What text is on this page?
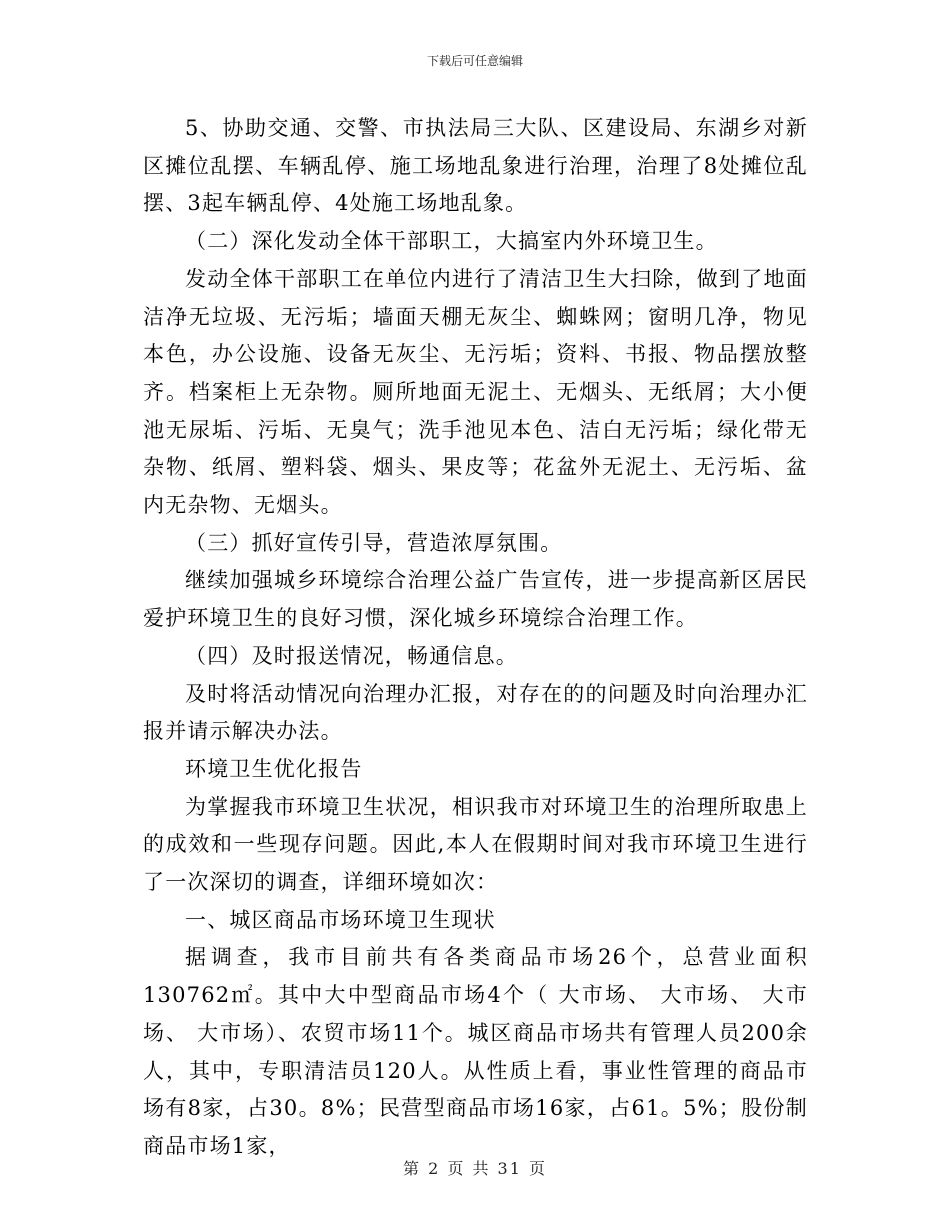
下载后可任意编辑

5、协助交通、交警、市执法局三大队、区建设局、东湖乡对新区摊位乱摆、车辆乱停、施工场地乱象进行治理，治理了8处摊位乱摆、3起车辆乱停、4处施工场地乱象。

（二）深化发动全体干部职工，大搞室内外环境卫生。

发动全体干部职工在单位内进行了清洁卫生大扫除，做到了地面洁净无垃圾、无污垢；墙面天棚无灰尘、蜘蛛网；窗明几净，物见本色，办公设施、设备无灰尘、无污垢；资料、书报、物品摆放整齐。档案柜上无杂物。厕所地面无泥土、无烟头、无纸屑；大小便池无尿垢、污垢、无臭气；洗手池见本色、洁白无污垢；绿化带无杂物、纸屑、塑料袋、烟头、果皮等；花盆外无泥土、无污垢、盆内无杂物、无烟头。

（三）抓好宣传引导，营造浓厚氛围。

继续加强城乡环境综合治理公益广告宣传，进一步提高新区居民爱护环境卫生的良好习惯，深化城乡环境综合治理工作。

（四）及时报送情况，畅通信息。

及时将活动情况向治理办汇报，对存在的的问题及时向治理办汇报并请示解决办法。

环境卫生优化报告

为掌握我市环境卫生状况，相识我市对环境卫生的治理所取患上的成效和一些现存问题。因此,本人在假期时间对我市环境卫生进行了一次深切的调查，详细环境如次：

一、城区商品市场环境卫生现状

据调查，我市目前共有各类商品市场26个，总营业面积130762㎡。其中大中型商品市场4个（ 大市场、 大市场、 大市场、 大市场）、农贸市场11个。城区商品市场共有管理人员200余人，其中，专职清洁员120人。从性质上看，事业性管理的商品市场有8家，占30。8%；民营型商品市场16家，占61。5%；股份制商品市场1家，

第 2 页 共 31 页
